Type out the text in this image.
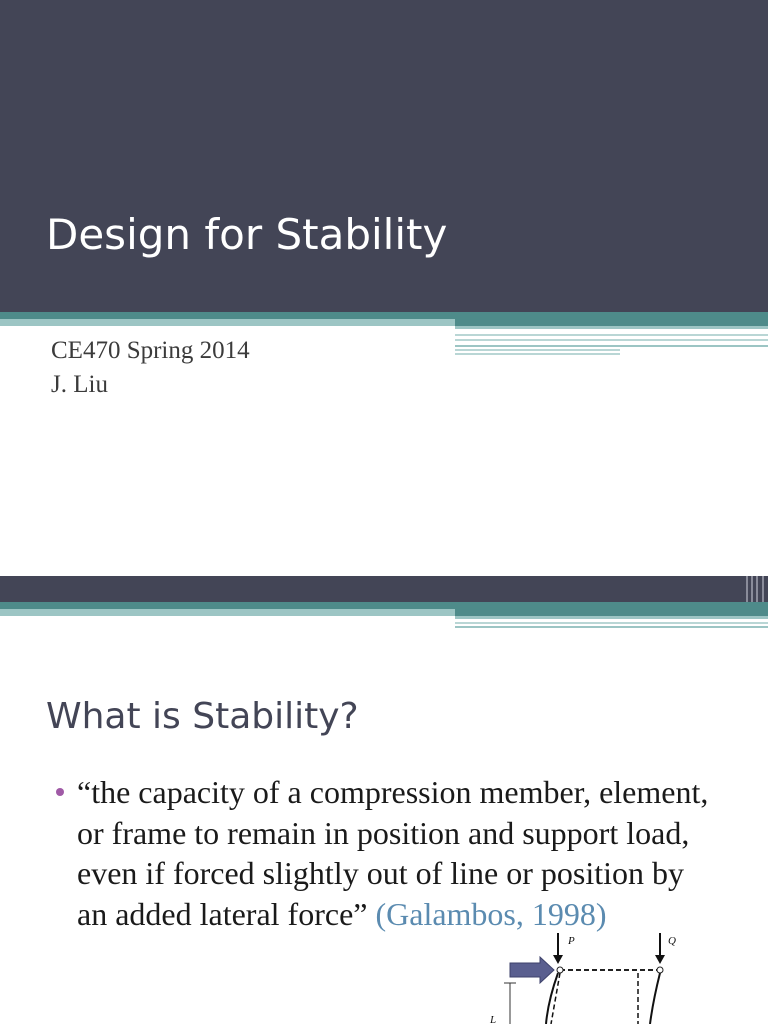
Design for Stability
CE470 Spring 2014
J. Liu
What is Stability?
“the capacity of a compression member, element, or frame to remain in position and support load, even if forced slightly out of line or position by an added lateral force” (Galambos, 1998)
P	Q
L
